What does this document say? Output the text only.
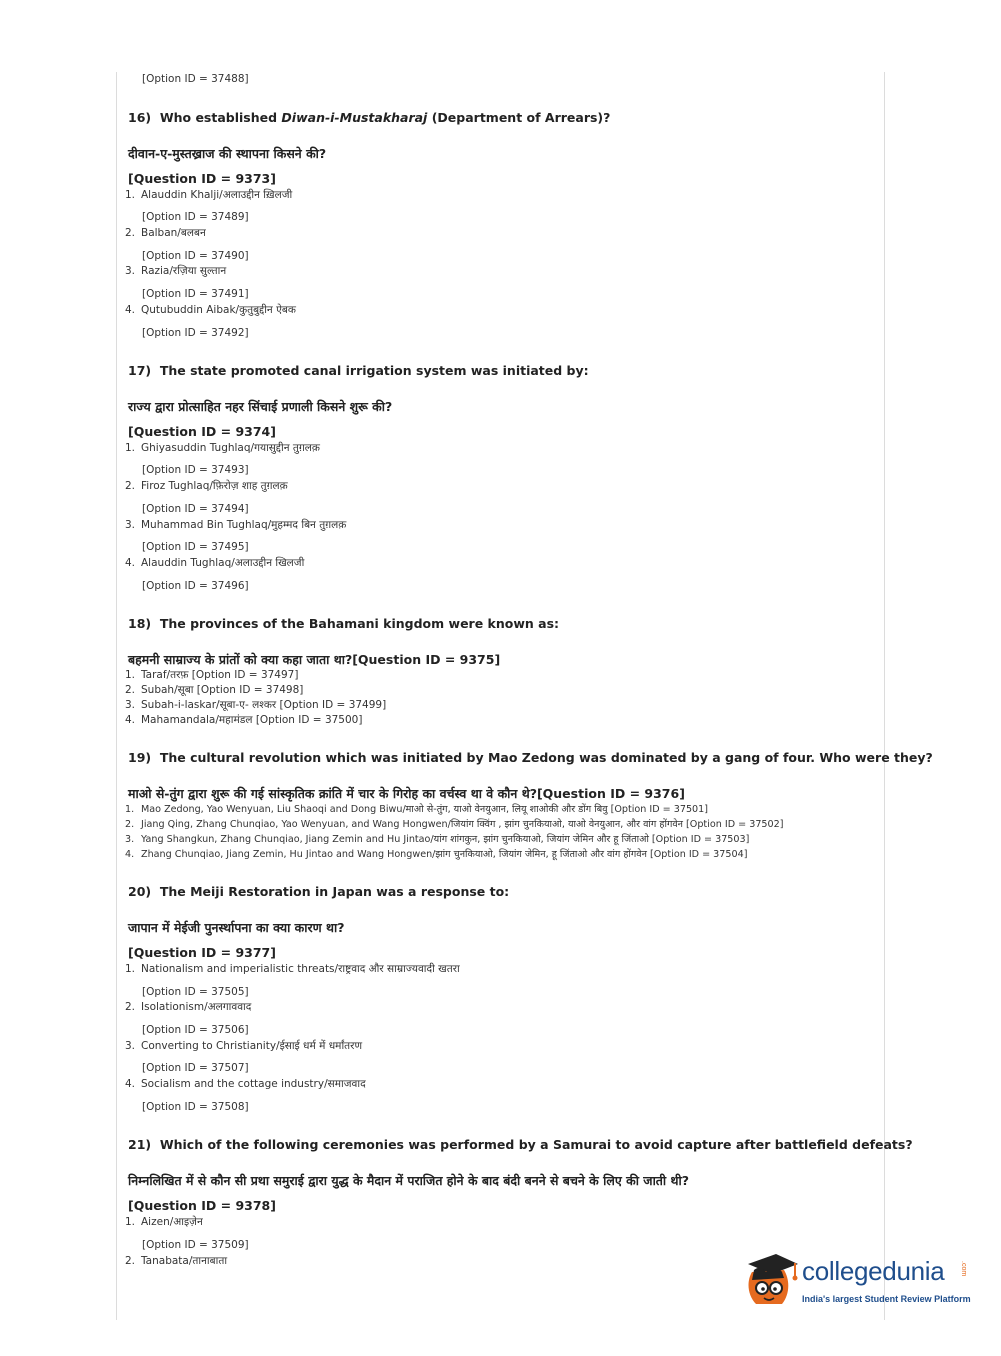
[Option ID = 37488]
16) Who established Diwan-i-Mustakharaj (Department of Arrears)?
दीवान-ए-मुस्तख्राज की स्थापना किसने की?
[Question ID = 9373]
1. Alauddin Khalji/अलाउद्दीन ख़िलजी
[Option ID = 37489]
2. Balban/बलबन
[Option ID = 37490]
3. Razia/रज़िया सुल्तान
[Option ID = 37491]
4. Qutubuddin Aibak/कुतुबुद्दीन ऐबक
[Option ID = 37492]
17) The state promoted canal irrigation system was initiated by:
राज्य द्वारा प्रोत्साहित नहर सिंचाई प्रणाली किसने शुरू की?
[Question ID = 9374]
1. Ghiyasuddin Tughlaq/गयासुद्दीन तुग़लक़
[Option ID = 37493]
2. Firoz Tughlaq/फ़िरोज़ शाह तुग़लक़
[Option ID = 37494]
3. Muhammad Bin Tughlaq/मुहम्मद बिन तुग़लक़
[Option ID = 37495]
4. Alauddin Tughlaq/अलाउद्दीन खिलजी
[Option ID = 37496]
18) The provinces of the Bahamani kingdom were known as:
बहमनी साम्राज्य के प्रांतों को क्या कहा जाता था?[Question ID = 9375]
1. Taraf/तरफ़ [Option ID = 37497]
2. Subah/सूबा [Option ID = 37498]
3. Subah-i-laskar/सूबा-ए- लश्कर [Option ID = 37499]
4. Mahamandala/महामंडल [Option ID = 37500]
19) The cultural revolution which was initiated by Mao Zedong was dominated by a gang of four. Who were they?
माओ से-तुंग द्वारा शुरू की गई सांस्कृतिक क्रांति में चार के गिरोह का वर्चस्व था वे कौन थे?[Question ID = 9376]
1. Mao Zedong, Yao Wenyuan, Liu Shaoqi and Dong Biwu/माओ से-तुंग, याओ वेनयुआन, लियू शाओकी और डोंग बिवु [Option ID = 37501]
2. Jiang Qing, Zhang Chunqiao, Yao Wenyuan, and Wang Hongwen/जियांग क्विंग , झांग चुनकियाओ, याओ वेनयुआन, और वांग होंगवेन [Option ID = 37502]
3. Yang Shangkun, Zhang Chunqiao, Jiang Zemin and Hu Jintao/यांग शांगकुन, झांग चुनकियाओ, जियांग जेमिन और हू जिंताओ [Option ID = 37503]
4. Zhang Chunqiao, Jiang Zemin, Hu Jintao and Wang Hongwen/झांग चुनकियाओ, जियांग जेमिन, हू जिंताओ और वांग होंगवेन [Option ID = 37504]
20) The Meiji Restoration in Japan was a response to:
जापान में मेईजी पुनर्स्थापना का क्या कारण था?
[Question ID = 9377]
1. Nationalism and imperialistic threats/राष्ट्रवाद और साम्राज्यवादी खतरा
[Option ID = 37505]
2. Isolationism/अलगाववाद
[Option ID = 37506]
3. Converting to Christianity/ईसाई धर्म में धर्मांतरण
[Option ID = 37507]
4. Socialism and the cottage industry/समाजवाद
[Option ID = 37508]
21) Which of the following ceremonies was performed by a Samurai to avoid capture after battlefield defeats?
निम्नलिखित में से कौन सी प्रथा समुराई द्वारा युद्ध के मैदान में पराजित होने के बाद बंदी बनने से बचने के लिए की जाती थी?
[Question ID = 9378]
1. Aizen/आइज़ेन
[Option ID = 37509]
2. Tanabata/तानाबाता	collegedunia .com
India's largest Student Review Platform
